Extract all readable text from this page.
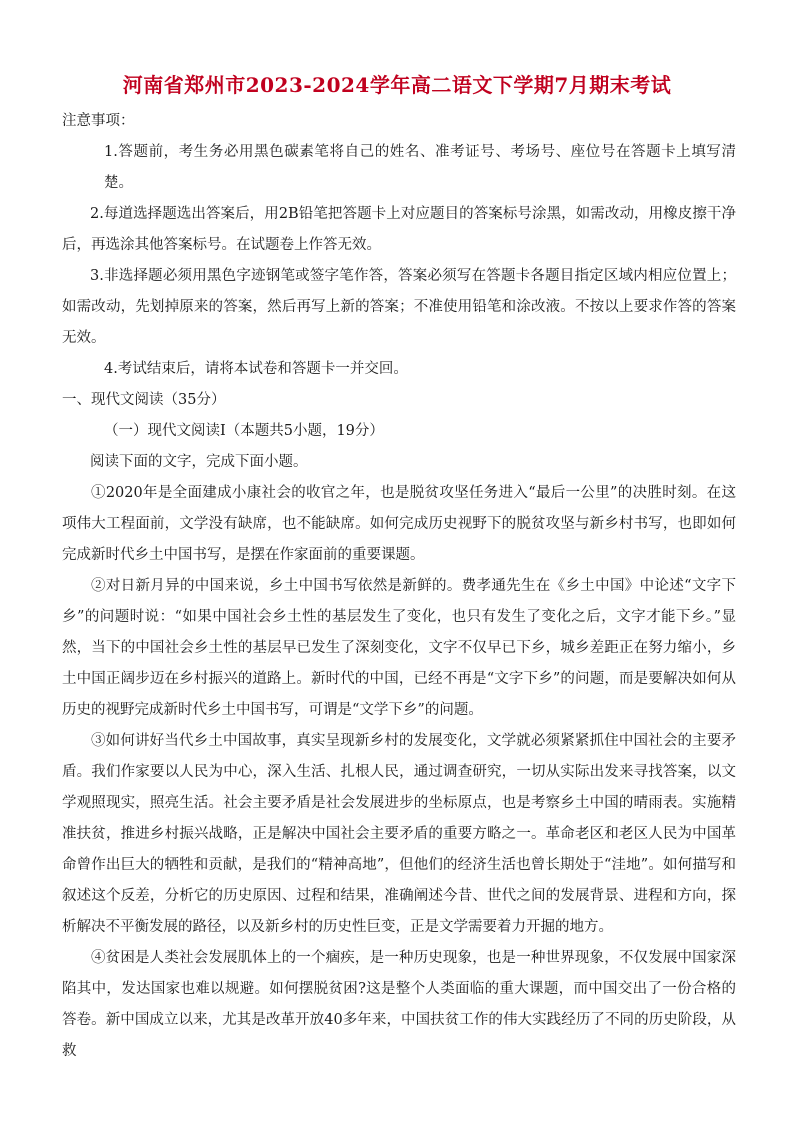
河南省郑州市2023-2024学年高二语文下学期7月期末考试
注意事项：
1.答题前，考生务必用黑色碳素笔将自己的姓名、准考证号、考场号、座位号在答题卡上填写清楚。
2.每道选择题选出答案后，用2B铅笔把答题卡上对应题目的答案标号涂黑，如需改动，用橡皮擦干净后，再选涂其他答案标号。在试题卷上作答无效。
3.非选择题必须用黑色字迹钢笔或签字笔作答，答案必须写在答题卡各题目指定区域内相应位置上；如需改动，先划掉原来的答案，然后再写上新的答案；不准使用铅笔和涂改液。不按以上要求作答的答案无效。
4.考试结束后，请将本试卷和答题卡一并交回。
一、现代文阅读（35分）
（一）现代文阅读Ⅰ（本题共5小题，19分）
阅读下面的文字，完成下面小题。
①2020年是全面建成小康社会的收官之年，也是脱贫攻坚任务进入“最后一公里”的决胜时刻。在这项伟大工程面前，文学没有缺席，也不能缺席。如何完成历史视野下的脱贫攻坚与新乡村书写，也即如何完成新时代乡土中国书写，是摆在作家面前的重要课题。
②对日新月异的中国来说，乡土中国书写依然是新鲜的。费孝通先生在《乡土中国》中论述“文字下乡”的问题时说：“如果中国社会乡土性的基层发生了变化，也只有发生了变化之后，文字才能下乡。”显然，当下的中国社会乡土性的基层早已发生了深刻变化，文字不仅早已下乡，城乡差距正在努力缩小，乡土中国正阔步迈在乡村振兴的道路上。新时代的中国，已经不再是“文字下乡”的问题，而是要解决如何从历史的视野完成新时代乡土中国书写，可谓是“文学下乡”的问题。
③如何讲好当代乡土中国故事，真实呈现新乡村的发展变化，文学就必须紧紧抓住中国社会的主要矛盾。我们作家要以人民为中心，深入生活、扎根人民，通过调查研究，一切从实际出发来寻找答案，以文学观照现实，照亮生活。社会主要矛盾是社会发展进步的坐标原点，也是考察乡土中国的晴雨表。实施精准扶贫，推进乡村振兴战略，正是解决中国社会主要矛盾的重要方略之一。革命老区和老区人民为中国革命曾作出巨大的牺牲和贡献，是我们的“精神高地”，但他们的经济生活也曾长期处于“洼地”。如何描写和叙述这个反差，分析它的历史原因、过程和结果，准确阐述今昔、世代之间的发展背景、进程和方向，探析解决不平衡发展的路径，以及新乡村的历史性巨变，正是文学需要着力开掘的地方。
④贫困是人类社会发展肌体上的一个痼疾，是一种历史现象，也是一种世界现象，不仅发展中国家深陷其中，发达国家也难以规避。如何摆脱贫困?这是整个人类面临的重大课题，而中国交出了一份合格的答卷。新中国成立以来，尤其是改革开放40多年来，中国扶贫工作的伟大实践经历了不同的历史阶段，从救
